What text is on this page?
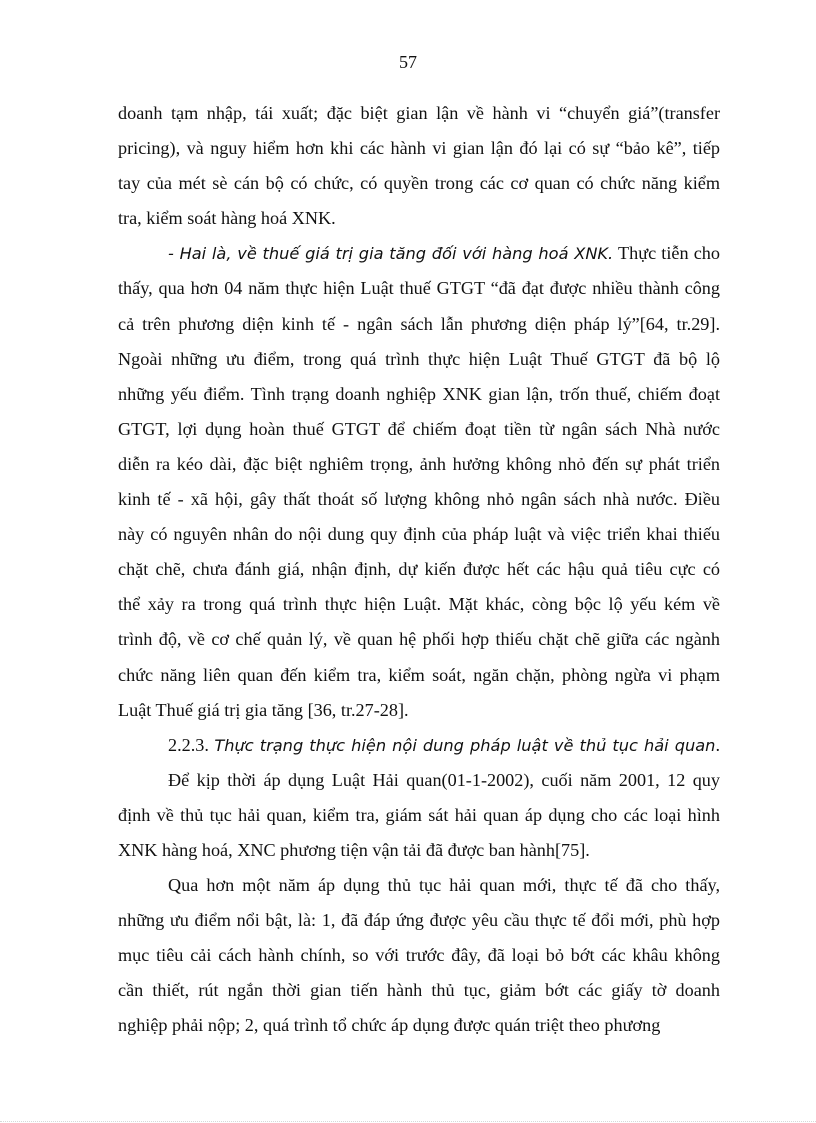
57
doanh tạm nhập, tái xuất; đặc biệt gian lận về hành vi “chuyển giá”(transfer
pricing), và nguy hiểm hơn khi các hành vi gian lận đó lại có sự “bảo kê”, tiếp
tay của mét sè cán bộ có chức, có quyền trong các cơ quan có chức năng kiểm
tra, kiểm soát hàng hoá XNK.
- Hai là, về thuế giá trị gia tăng đối với hàng hoá XNK. Thực tiễn cho
thấy, qua hơn 04 năm thực hiện Luật thuế GTGT “đã đạt được nhiều thành công
cả trên phương diện kinh tế - ngân sách lẫn phương diện pháp lý”[64, tr.29].
Ngoài những ưu điểm, trong quá trình thực hiện Luật Thuế GTGT đã bộ lộ
những yếu điểm. Tình trạng doanh nghiệp XNK gian lận, trốn thuế, chiếm đoạt
GTGT, lợi dụng hoàn thuế GTGT để chiếm đoạt tiền từ ngân sách Nhà nước
diễn ra kéo dài, đặc biệt nghiêm trọng, ảnh hưởng không nhỏ đến sự phát triển
kinh tế - xã hội, gây thất thoát số lượng không nhỏ ngân sách nhà nước. Điều
này có nguyên nhân do nội dung quy định của pháp luật và việc triển khai thiếu
chặt chẽ, chưa đánh giá, nhận định, dự kiến được hết các hậu quả tiêu cực có
thể xảy ra trong quá trình thực hiện Luật. Mặt khác, còng bộc lộ yếu kém về
trình độ, về cơ chế quản lý, về quan hệ phối hợp thiếu chặt chẽ giữa các ngành
chức năng liên quan đến kiểm tra, kiểm soát, ngăn chặn, phòng ngừa vi phạm
Luật Thuế giá trị gia tăng [36, tr.27-28].
2.2.3. Thực trạng thực hiện nội dung pháp luật về thủ tục hải quan.
Để kịp thời áp dụng Luật Hải quan(01-1-2002), cuối năm 2001, 12 quy
định về thủ tục hải quan, kiểm tra, giám sát hải quan áp dụng cho các loại hình
XNK hàng hoá, XNC phương tiện vận tải đã được ban hành[75].
Qua hơn một năm áp dụng thủ tục hải quan mới, thực tế đã cho thấy,
những ưu điểm nổi bật, là: 1, đã đáp ứng được yêu cầu thực tế đổi mới, phù hợp
mục tiêu cải cách hành chính, so với trước đây, đã loại bỏ bớt các khâu không
cần thiết, rút ngắn thời gian tiến hành thủ tục, giảm bớt các giấy tờ doanh
nghiệp phải nộp; 2, quá trình tổ chức áp dụng được quán triệt theo phương
